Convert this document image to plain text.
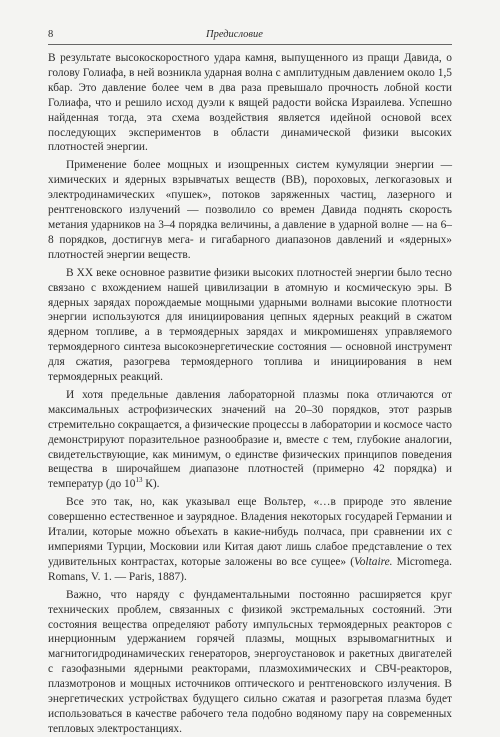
8	Предисловие

В результате высокоскоростного удара камня, выпущенного из пращи Давида, о голову Голиафа, в ней возникла ударная волна с амплитудным давлением около 1,5 кбар. Это давление более чем в два раза превышало прочность лобной кости Голиафа, что и решило исход дуэли к вящей радости войска Израилева. Успешно найденная тогда, эта схема воздействия является идейной основой всех последующих экспериментов в области динамической физики высоких плотностей энергии.

Применение более мощных и изощренных систем кумуляции энергии — химических и ядерных взрывчатых веществ (ВВ), пороховых, легкогазовых и электродинамических «пушек», потоков заряженных частиц, лазерного и рентгеновского излучений — позволило со времен Давида поднять скорость метания ударников на 3–4 порядка величины, а давление в ударной волне — на 6–8 порядков, достигнув мега- и гигабарного диапазонов давлений и «ядерных» плотностей энергии веществ.

В XX веке основное развитие физики высоких плотностей энергии было тесно связано с вхождением нашей цивилизации в атомную и космическую эры. В ядерных зарядах порождаемые мощными ударными волнами высокие плотности энергии используются для инициирования цепных ядерных реакций в сжатом ядерном топливе, а в термоядерных зарядах и микромишенях управляемого термоядерного синтеза высокоэнергетические состояния — основной инструмент для сжатия, разогрева термоядерного топлива и инициирования в нем термоядерных реакций.

И хотя предельные давления лабораторной плазмы пока отличаются от максимальных астрофизических значений на 20–30 порядков, этот разрыв стремительно сокращается, а физические процессы в лаборатории и космосе часто демонстрируют поразительное разнообразие и, вместе с тем, глубокие аналогии, свидетельствующие, как минимум, о единстве физических принципов поведения вещества в широчайшем диапазоне плотностей (примерно 42 порядка) и температур (до $10^{13}$ К).

Все это так, но, как указывал еще Вольтер, «…в природе это явление совершенно естественное и заурядное. Владения некоторых государей Германии и Италии, которые можно объехать в какие-нибудь полчаса, при сравнении их с империями Турции, Московии или Китая дают лишь слабое представление о тех удивительных контрастах, которые заложены во все сущее» (Voltaire. Micromega. Romans, V. 1. — Paris, 1887).

Важно, что наряду с фундаментальными постоянно расширяется круг технических проблем, связанных с физикой экстремальных состояний. Эти состояния вещества определяют работу импульсных термоядерных реакторов с инерционным удержанием горячей плазмы, мощных взрывомагнитных и магнитогидродинамических генераторов, энергоустановок и ракетных двигателей с газофазными ядерными реакторами, плазмохимических и СВЧ-реакторов, плазмотронов и мощных источников оптического и рентгеновского излучения. В энергетических устройствах будущего сильно сжатая и разогретая плазма будет использоваться в качестве рабочего тела подобно водяному пару на современных тепловых электростанциях.
